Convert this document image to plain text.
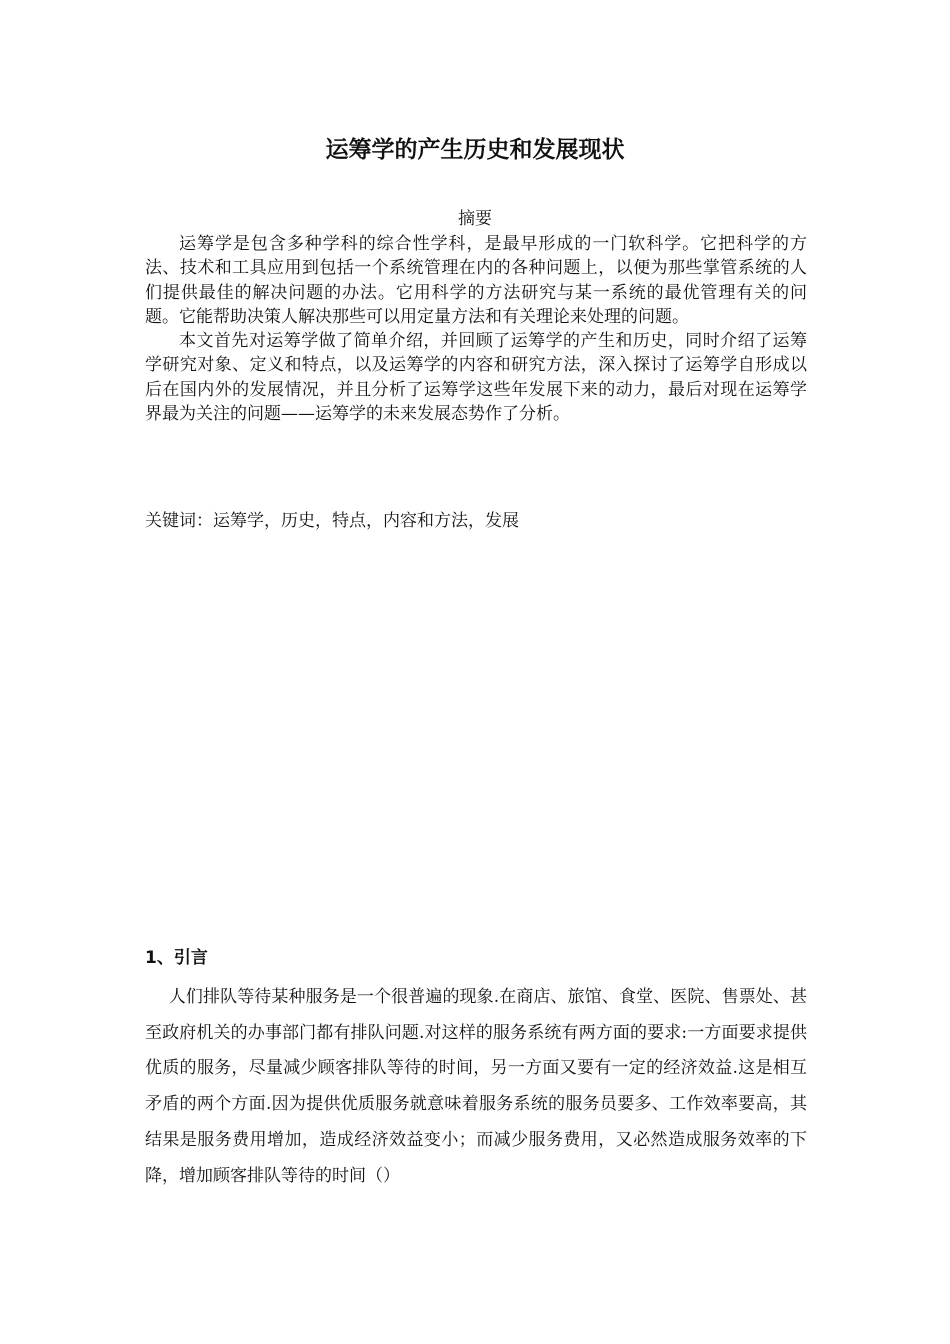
运筹学的产生历史和发展现状
摘要

运筹学是包含多种学科的综合性学科，是最早形成的一门软科学。它把科学的方法、技术和工具应用到包括一个系统管理在内的各种问题上，以便为那些掌管系统的人们提供最佳的解决问题的办法。它用科学的方法研究与某一系统的最优管理有关的问题。它能帮助决策人解决那些可以用定量方法和有关理论来处理的问题。

本文首先对运筹学做了简单介绍，并回顾了运筹学的产生和历史，同时介绍了运筹学研究对象、定义和特点，以及运筹学的内容和研究方法，深入探讨了运筹学自形成以后在国内外的发展情况，并且分析了运筹学这些年发展下来的动力，最后对现在运筹学界最为关注的问题——运筹学的未来发展态势作了分析。

关键词：运筹学，历史，特点，内容和方法，发展
1、引言

人们排队等待某种服务是一个很普遍的现象.在商店、旅馆、食堂、医院、售票处、甚至政府机关的办事部门都有排队问题.对这样的服务系统有两方面的要求:一方面要求提供优质的服务，尽量减少顾客排队等待的时间，另一方面又要有一定的经济效益.这是相互矛盾的两个方面.因为提供优质服务就意味着服务系统的服务员要多、工作效率要高，其结果是服务费用增加，造成经济效益变小；而减少服务费用，又必然造成服务效率的下降，增加顾客排队等待的时间（）
